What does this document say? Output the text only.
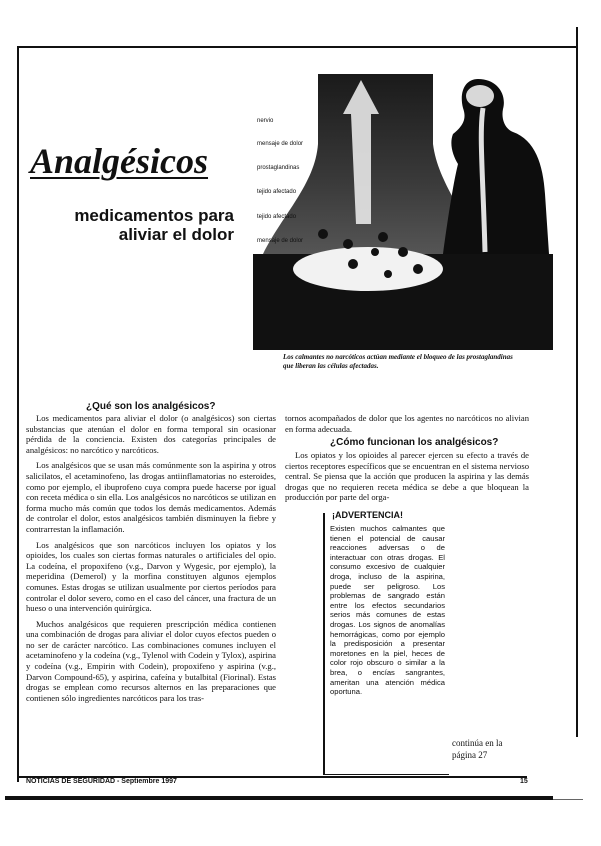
Analgésicos
medicamentos para
aliviar el dolor
nervio
mensaje de dolor
prostaglandinas
tejido afectado
tejido afectado
mensaje de dolor
Los calmantes no narcóticos actúan mediante el bloqueo de las prostaglandinas que liberan las células afectadas.
¿Qué son los analgésicos?

Los medicamentos para aliviar el dolor (o analgésicos) son ciertas substancias que atenúan el dolor en forma temporal sin ocasionar pérdida de la conciencia. Existen dos categorías principales de analgésicos: no narcótico y narcóticos.

Los analgésicos que se usan más comúnmente son la aspirina y otros salicilatos, el acetaminofeno, las drogas antiinflamatorias no esteroides, como por ejemplo, el ibuprofeno cuya compra puede hacerse por igual con receta médica o sin ella. Los analgésicos no narcóticos se utilizan en forma mucho más común que todos los demás medicamentos. Además de controlar el dolor, estos analgésicos también disminuyen la fiebre y contrarrestan la inflamación.

Los analgésicos que son narcóticos incluyen los opiatos y los opioides, los cuales son ciertas formas naturales o artificiales del opio. La codeína, el propoxifeno (v.g., Darvon y Wygesic, por ejemplo), la meperidina (Demerol) y la morfina constituyen algunos ejemplos comunes. Estas drogas se utilizan usualmente por ciertos períodos para controlar el dolor severo, como en el caso del cáncer, una fractura de un hueso o una intervención quirúrgica.

Muchos analgésicos que requieren prescripción médica contienen una combinación de drogas para aliviar el dolor cuyos efectos pueden o no ser de carácter narcótico. Las combinaciones comunes incluyen el acetaminofeno y la codeína (v.g., Tylenol with Codein y Tylox), aspirina y codeína (v.g., Empirin with Codein), propoxifeno y aspirina (v.g., Darvon Compound-65), y aspirina, cafeína y butalbital (Fiorinal). Estas drogas se emplean como recursos alternos en las preparaciones que contienen sólo ingredientes narcóticos para los tras-

tornos acompañados de dolor que los agentes no narcóticos no alivian en forma adecuada.

¿Cómo funcionan los analgésicos?

Los opiatos y los opioides al parecer ejercen su efecto a través de ciertos receptores específicos que se encuentran en el sistema nervioso central. Se piensa que la acción que producen la aspirina y las demás drogas que no requieren receta médica se debe a que bloquean la producción por parte del orga-

¡ADVERTENCIA!
Existen muchos calmantes que tienen el potencial de causar reacciones adversas o de interactuar con otras drogas. El consumo excesivo de cualquier droga, incluso de la aspirina, puede ser peligroso. Los problemas de sangrado están entre los efectos secundarios serios más comunes de estas drogas. Los signos de anomalías hemorrágicas, como por ejemplo la predisposición a presentar moretones en la piel, heces de color rojo obscuro o similar a la brea, o encías sangrantes, ameritan una atención médica oportuna.
continúa en la
página 27
NOTICIAS DE SEGURIDAD - Septiembre 1997	15
